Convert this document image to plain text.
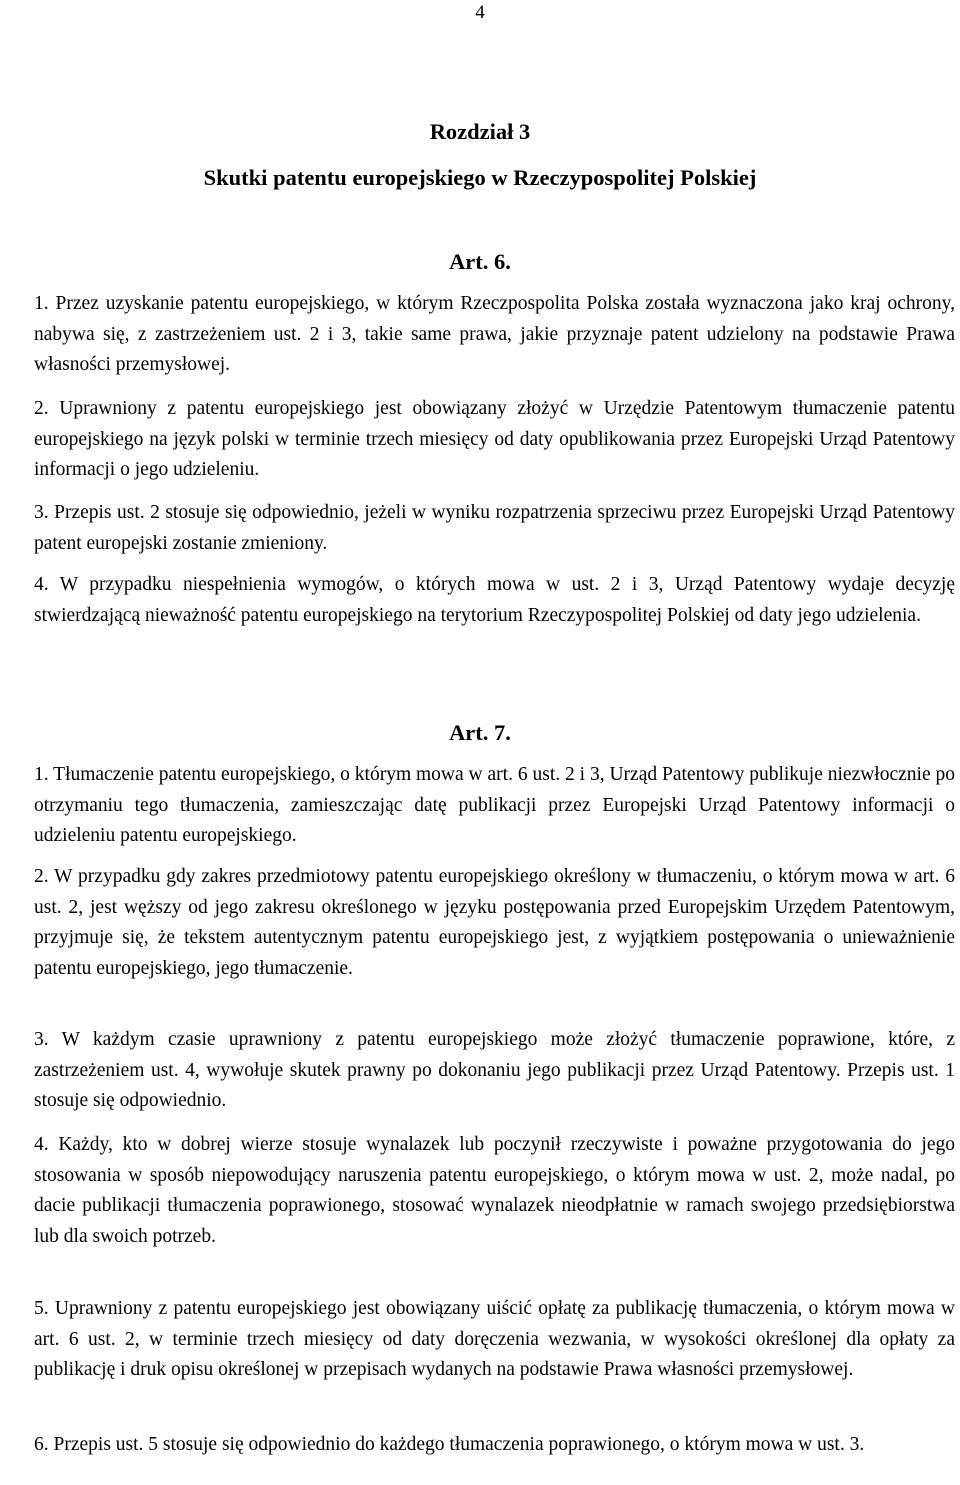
4
Rozdział 3
Skutki patentu europejskiego w Rzeczypospolitej Polskiej
Art. 6.

1. Przez uzyskanie patentu europejskiego, w którym Rzeczpospolita Polska została wyznaczona jako kraj ochrony, nabywa się, z zastrzeżeniem ust. 2 i 3, takie same prawa, jakie przyznaje patent udzielony na podstawie Prawa własności przemysłowej.

2. Uprawniony z patentu europejskiego jest obowiązany złożyć w Urzędzie Patentowym tłumaczenie patentu europejskiego na język polski w terminie trzech miesięcy od daty opublikowania przez Europejski Urząd Patentowy informacji o jego udzieleniu.

3. Przepis ust. 2 stosuje się odpowiednio, jeżeli w wyniku rozpatrzenia sprzeciwu przez Europejski Urząd Patentowy patent europejski zostanie zmieniony.

4. W przypadku niespełnienia wymogów, o których mowa w ust. 2 i 3, Urząd Patentowy wydaje decyzję stwierdzającą nieważność patentu europejskiego na terytorium Rzeczypospolitej Polskiej od daty jego udzielenia.

Art. 7.

1. Tłumaczenie patentu europejskiego, o którym mowa w art. 6 ust. 2 i 3, Urząd Patentowy publikuje niezwłocznie po otrzymaniu tego tłumaczenia, zamieszczając datę publikacji przez Europejski Urząd Patentowy informacji o udzieleniu patentu europejskiego.

2. W przypadku gdy zakres przedmiotowy patentu europejskiego określony w tłumaczeniu, o którym mowa w art. 6 ust. 2, jest węższy od jego zakresu określonego w języku postępowania przed Europejskim Urzędem Patentowym, przyjmuje się, że tekstem autentycznym patentu europejskiego jest, z wyjątkiem postępowania o unieważnienie patentu europejskiego, jego tłumaczenie.

3. W każdym czasie uprawniony z patentu europejskiego może złożyć tłumaczenie poprawione, które, z zastrzeżeniem ust. 4, wywołuje skutek prawny po dokonaniu jego publikacji przez Urząd Patentowy. Przepis ust. 1 stosuje się odpowiednio.

4. Każdy, kto w dobrej wierze stosuje wynalazek lub poczynił rzeczywiste i poważne przygotowania do jego stosowania w sposób niepowodujący naruszenia patentu europejskiego, o którym mowa w ust. 2, może nadal, po dacie publikacji tłumaczenia poprawionego, stosować wynalazek nieodpłatnie w ramach swojego przedsiębiorstwa lub dla swoich potrzeb.

5. Uprawniony z patentu europejskiego jest obowiązany uiścić opłatę za publikację tłumaczenia, o którym mowa w art. 6 ust. 2, w terminie trzech miesięcy od daty doręczenia wezwania, w wysokości określonej dla opłaty za publikację i druk opisu określonej w przepisach wydanych na podstawie Prawa własności przemysłowej.

6. Przepis ust. 5 stosuje się odpowiednio do każdego tłumaczenia poprawionego, o którym mowa w ust. 3.
